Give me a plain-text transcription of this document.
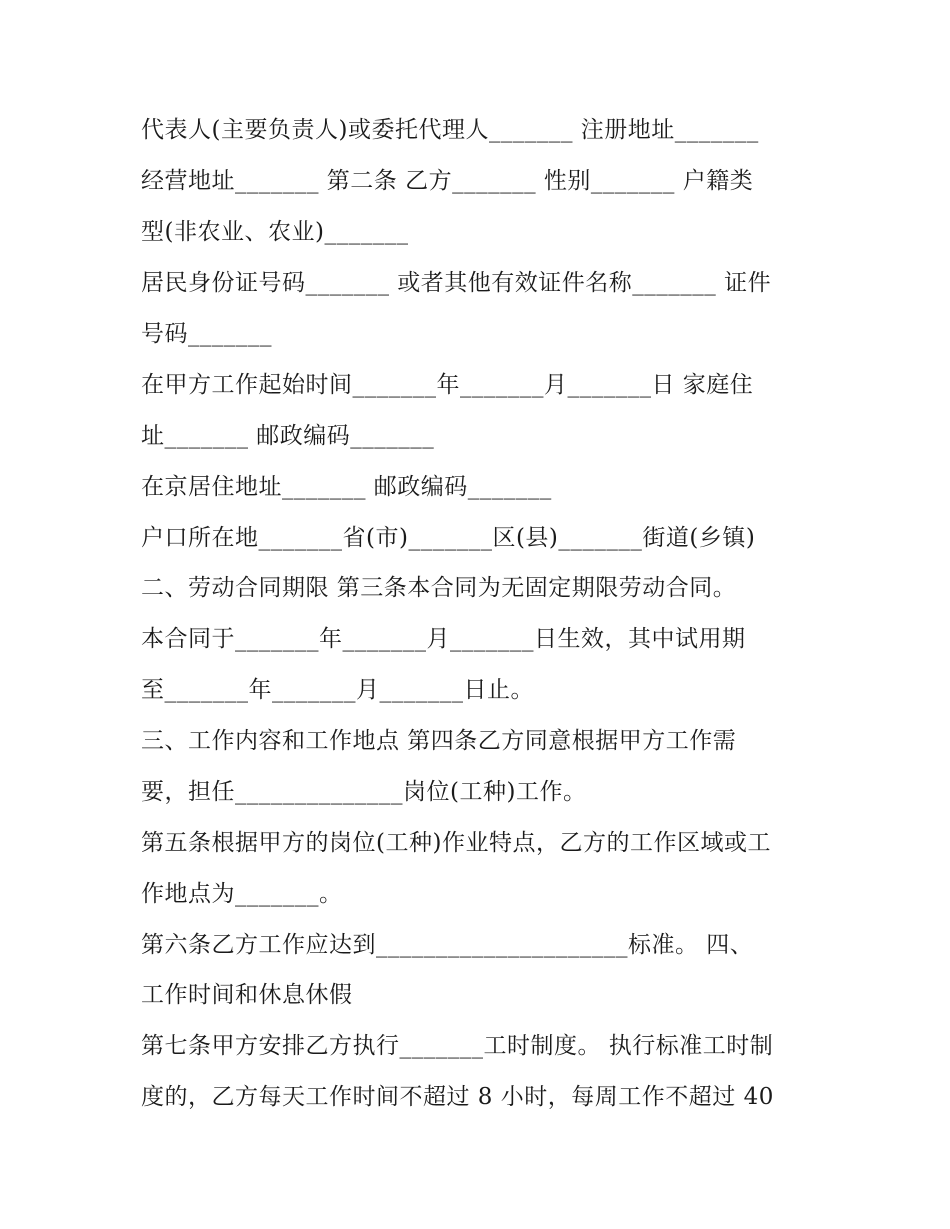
代表人(主要负责人)或委托代理人_______ 注册地址_______
经营地址_______ 第二条 乙方_______ 性别_______ 户籍类
型(非农业、农业)_______
居民身份证号码_______ 或者其他有效证件名称_______ 证件
号码_______
在甲方工作起始时间_______年_______月_______日 家庭住
址_______ 邮政编码_______
在京居住地址_______ 邮政编码_______
户口所在地_______省(市)_______区(县)_______街道(乡镇)
二、劳动合同期限 第三条本合同为无固定期限劳动合同。
本合同于_______年_______月_______日生效，其中试用期
至_______年_______月_______日止。
三、工作内容和工作地点 第四条乙方同意根据甲方工作需
要，担任______________岗位(工种)工作。
第五条根据甲方的岗位(工种)作业特点，乙方的工作区域或工
作地点为_______。
第六条乙方工作应达到_____________________标准。 四、
工作时间和休息休假
第七条甲方安排乙方执行_______工时制度。 执行标准工时制
度的，乙方每天工作时间不超过 8 小时，每周工作不超过 40
